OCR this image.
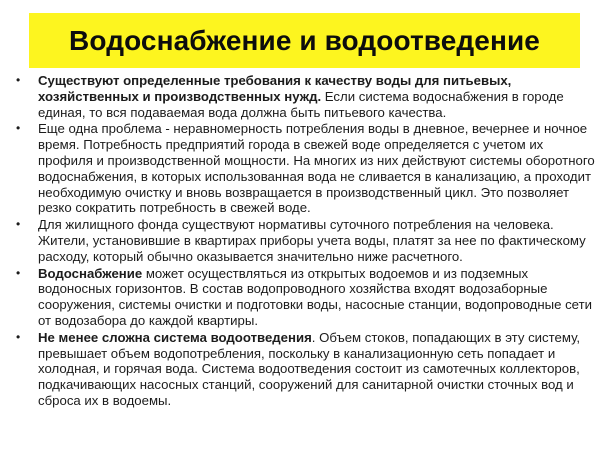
Водоснабжение и водоотведение
• Существуют определенные требования к качеству воды для питьевых, хозяйственных и производственных нужд. Если система водоснабжения в городе единая, то вся подаваемая вода должна быть питьевого качества.
• Еще одна проблема - неравномерность потребления воды в дневное, вечернее и ночное время. Потребность предприятий города в свежей воде определяется с учетом их профиля и производственной мощности. На многих из них действуют системы оборотного водоснабжения, в которых использованная вода не сливается в канализацию, а проходит необходимую очистку и вновь возвращается в производственный цикл. Это позволяет резко сократить потребность в свежей воде.
• Для жилищного фонда существуют нормативы суточного потребления на человека. Жители, установившие в квартирах приборы учета воды, платят за нее по фактическому расходу, который обычно оказывается значительно ниже расчетного.
• Водоснабжение может осуществляться из открытых водоемов и из подземных водоносных горизонтов. В состав водопроводного хозяйства входят водозаборные сооружения, системы очистки и подготовки воды, насосные станции, водопроводные сети от водозабора до каждой квартиры.
• Не менее сложна система водоотведения. Объем стоков, попадающих в эту систему, превышает объем водопотребления, поскольку в канализационную сеть попадает и холодная, и горячая вода. Система водоотведения состоит из самотечных коллекторов, подкачивающих насосных станций, сооружений для санитарной очистки сточных вод и сброса их в водоемы.
